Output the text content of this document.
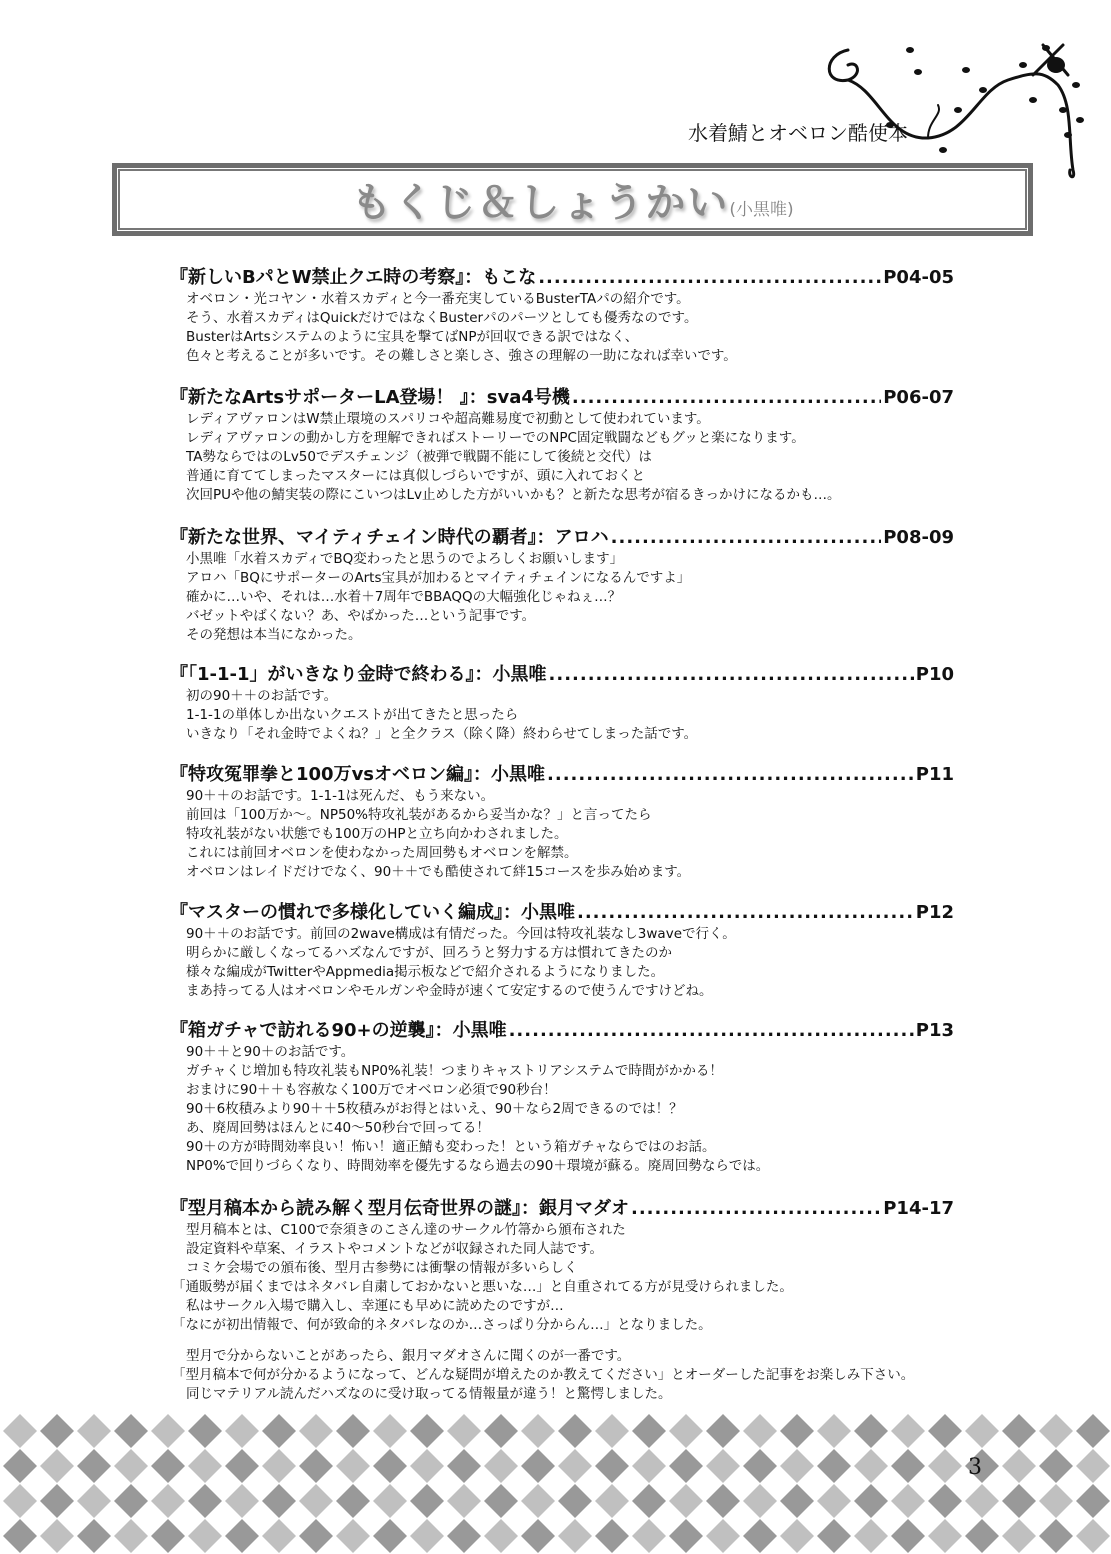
水着鯖とオベロン酷使本
もくじ＆しょうかい (小黒唯)
『新しいBパとW禁止クエ時の考察』：もこな .....	P04-05
オベロン・光コヤン・水着スカディと今一番充実しているBusterTAパの紹介です。
そう、水着スカディはQuickだけではなくBusterパのパーツとしても優秀なのです。
BusterはArtsシステムのように宝具を撃てばNPが回収できる訳ではなく、
色々と考えることが多いです。その難しさと楽しさ、強さの理解の一助になれば幸いです。
『新たなArtsサポーターLA登場！ 』：sva4号機 .....	P06-07
レディアヴァロンはW禁止環境のスパリコや超高難易度で初動として使われています。
レディアヴァロンの動かし方を理解できればストーリーでのNPC固定戦闘などもグッと楽になります。
TA勢ならではのLv50でデスチェンジ（被弾で戦闘不能にして後続と交代）は
普通に育ててしまったマスターには真似しづらいですが、頭に入れておくと
次回PUや他の鯖実装の際にこいつはLv止めした方がいいかも？と新たな思考が宿るきっかけになるかも…。
『新たな世界、マイティチェイン時代の覇者』：アロハ .....	P08-09
小黒唯「水着スカディでBQ変わったと思うのでよろしくお願いします」
アロハ「BQにサポーターのArts宝具が加わるとマイティチェインになるんですよ」
確かに…いや、それは…水着＋7周年でBBAQQの大幅強化じゃねぇ…？
バゼットやばくない？あ、やばかった…という記事です。
その発想は本当になかった。
『「1-1-1」がいきなり金時で終わる』：小黒唯 .....	P10
初の90＋＋のお話です。
1-1-1の単体しか出ないクエストが出てきたと思ったら
いきなり「それ金時でよくね？」と全クラス（除く降）終わらせてしまった話です。
『特攻冤罪拳と100万vsオベロン編』：小黒唯 .....	P11
90＋＋のお話です。1-1-1は死んだ、もう来ない。
前回は「100万か～。NP50%特攻礼装があるから妥当かな？」と言ってたら
特攻礼装がない状態でも100万のHPと立ち向かわされました。
これには前回オベロンを使わなかった周回勢もオベロンを解禁。
オベロンはレイドだけでなく、90＋＋でも酷使されて絆15コースを歩み始めます。
『マスターの慣れで多様化していく編成』：小黒唯 .....	P12
90＋＋のお話です。前回の2wave構成は有情だった。今回は特攻礼装なし3waveで行く。
明らかに厳しくなってるハズなんですが、回ろうと努力する方は慣れてきたのか
様々な編成がTwitterやAppmedia掲示板などで紹介されるようになりました。
まあ持ってる人はオベロンやモルガンや金時が速くて安定するので使うんですけどね。
『箱ガチャで訪れる90+の逆襲』：小黒唯 .....	P13
90＋＋と90＋のお話です。
ガチャくじ増加も特攻礼装もNP0%礼装！つまりキャストリアシステムで時間がかかる！
おまけに90＋＋も容赦なく100万でオベロン必須で90秒台！
90＋6枚積みより90＋＋5枚積みがお得とはいえ、90＋なら2周できるのでは！？
あ、廃周回勢はほんとに40～50秒台で回ってる！
90＋の方が時間効率良い！怖い！適正鯖も変わった！という箱ガチャならではのお話。
NP0%で回りづらくなり、時間効率を優先するなら過去の90＋環境が蘇る。廃周回勢ならでは。
『型月稿本から読み解く型月伝奇世界の謎』：銀月マダオ .....	P14-17
型月稿本とは、C100で奈須きのこさん達のサークル竹箒から頒布された
設定資料や草案、イラストやコメントなどが収録された同人誌です。
コミケ会場での頒布後、型月古参勢には衝撃の情報が多いらしく
「通販勢が届くまではネタバレ自粛しておかないと悪いな…」と自重されてる方が見受けられました。
私はサークル入場で購入し、幸運にも早めに読めたのですが…
「なにが初出情報で、何が致命的ネタバレなのか…さっぱり分からん…」となりました。
型月で分からないことがあったら、銀月マダオさんに聞くのが一番です。
「型月稿本で何が分かるようになって、どんな疑問が増えたのか教えてください」とオーダーした記事をお楽しみ下さい。
同じマテリアル読んだハズなのに受け取ってる情報量が違う！と驚愕しました。
3
